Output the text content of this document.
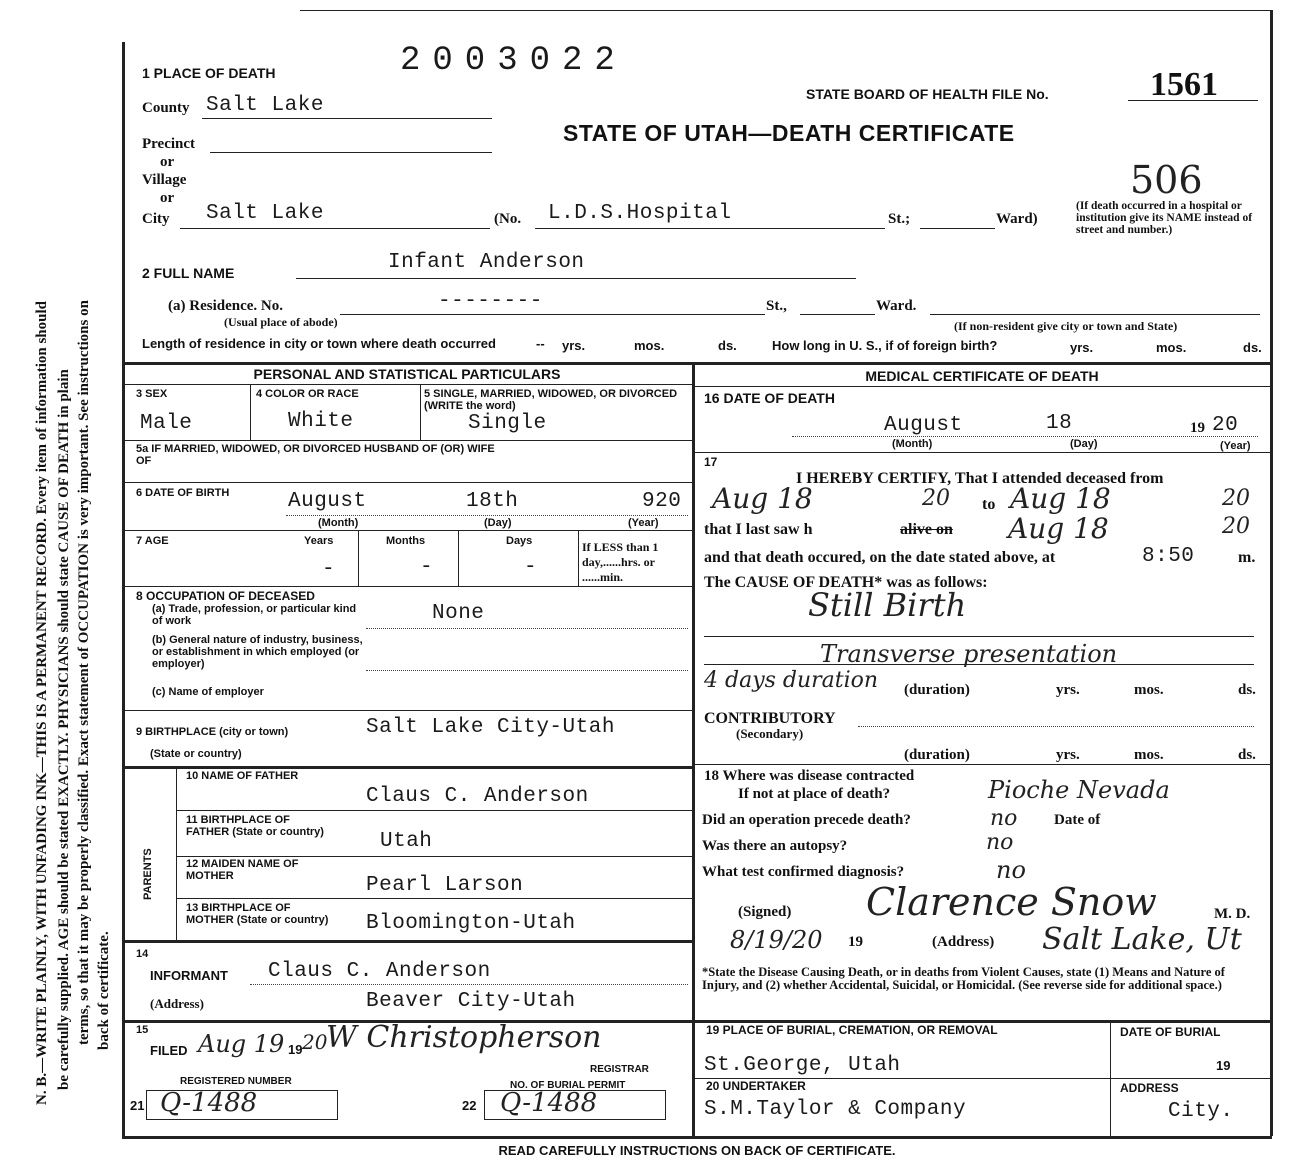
N. B.—WRITE PLAINLY, WITH UNFADING INK—THIS IS A PERMANENT RECORD. Every item of information should be carefully supplied. AGE should be stated EXACTLY. PHYSICIANS should state CAUSE OF DEATH in plain terms, so that it may be properly classified. Exact statement of OCCUPATION is very important. See instructions on back of certificate.
2003022
1 PLACE OF DEATH
STATE BOARD OF HEALTH FILE No.	1561
STATE OF UTAH—DEATH CERTIFICATE
506
County Salt Lake
Precinct
or
Village
or
City Salt Lake	(No. L.D.S.Hospital	St.;	Ward)
(If death occurred in a hospital or institution give its NAME instead of street and number.)
2 FULL NAME	Infant Anderson
(a) Residence. No.	--------	St.,	Ward.
(Usual place of abode)	(If non-resident give city or town and State)
Length of residence in city or town where death occurred	-- yrs.	mos.	ds.	How long in U. S., if of foreign birth?	yrs.	mos.	ds.
PERSONAL AND STATISTICAL PARTICULARS
3 SEX	4 COLOR OR RACE	5 SINGLE, MARRIED, WIDOWED, OR DIVORCED (WRITE the word)
Male	White	Single
5a IF MARRIED, WIDOWED, OR DIVORCED HUSBAND OF (OR) WIFE OF
6 DATE OF BIRTH	August	18th	920
(Month)	(Day)	(Year)
7 AGE	Years	Months	Days	If LESS than 1 day,......hrs. or ......min.
-	-	-
8 OCCUPATION OF DECEASED
(a) Trade, profession, or particular kind of work	None
(b) General nature of industry, business, or establishment in which employed (or employer)
(c) Name of employer
9 BIRTHPLACE (city or town)
(State or country)
Salt Lake City-Utah
PARENTS
10 NAME OF FATHER
Claus C. Anderson
11 BIRTHPLACE OF FATHER (State or country)	Utah
12 MAIDEN NAME OF MOTHER	Pearl Larson
13 BIRTHPLACE OF MOTHER (State or country)	Bloomington-Utah
14
INFORMANT Claus C. Anderson
(Address)	Beaver City-Utah
15
FILED Aug 19 19 20
W Christopherson
REGISTRAR
REGISTERED NUMBER	NO. OF BURIAL PERMIT
21 Q-1488	22 Q-1488
MEDICAL CERTIFICATE OF DEATH
16 DATE OF DEATH
August	18	19 20
(Month)	(Day)	(Year)
17
I HEREBY CERTIFY, That I attended deceased from
Aug 18	20 to Aug 18	20
that I last saw h	alive on Aug 18	20
and that death occured, on the date stated above, at	8:50	m.
The CAUSE OF DEATH* was as follows:
Still Birth
Transverse presentation
4 days duration (duration)	yrs.	mos.	ds.
CONTRIBUTORY
(Secondary)
(duration)	yrs.	mos.	ds.
18 Where was disease contracted
If not at place of death?	Pioche Nevada
Did an operation precede death?	no Date of
Was there an autopsy?	no
What test confirmed diagnosis?	no
(Signed) Clarence Snow	M. D.
8/19/20 19	(Address) Salt Lake, Ut
*State the Disease Causing Death, or in deaths from Violent Causes, state (1) Means and Nature of Injury, and (2) whether Accidental, Suicidal, or Homicidal. (See reverse side for additional space.)
19 PLACE OF BURIAL, CREMATION, OR REMOVAL	DATE OF BURIAL
St.George, Utah	19
20 UNDERTAKER	ADDRESS
S.M.Taylor & Company	City.
READ CAREFULLY INSTRUCTIONS ON BACK OF CERTIFICATE.
